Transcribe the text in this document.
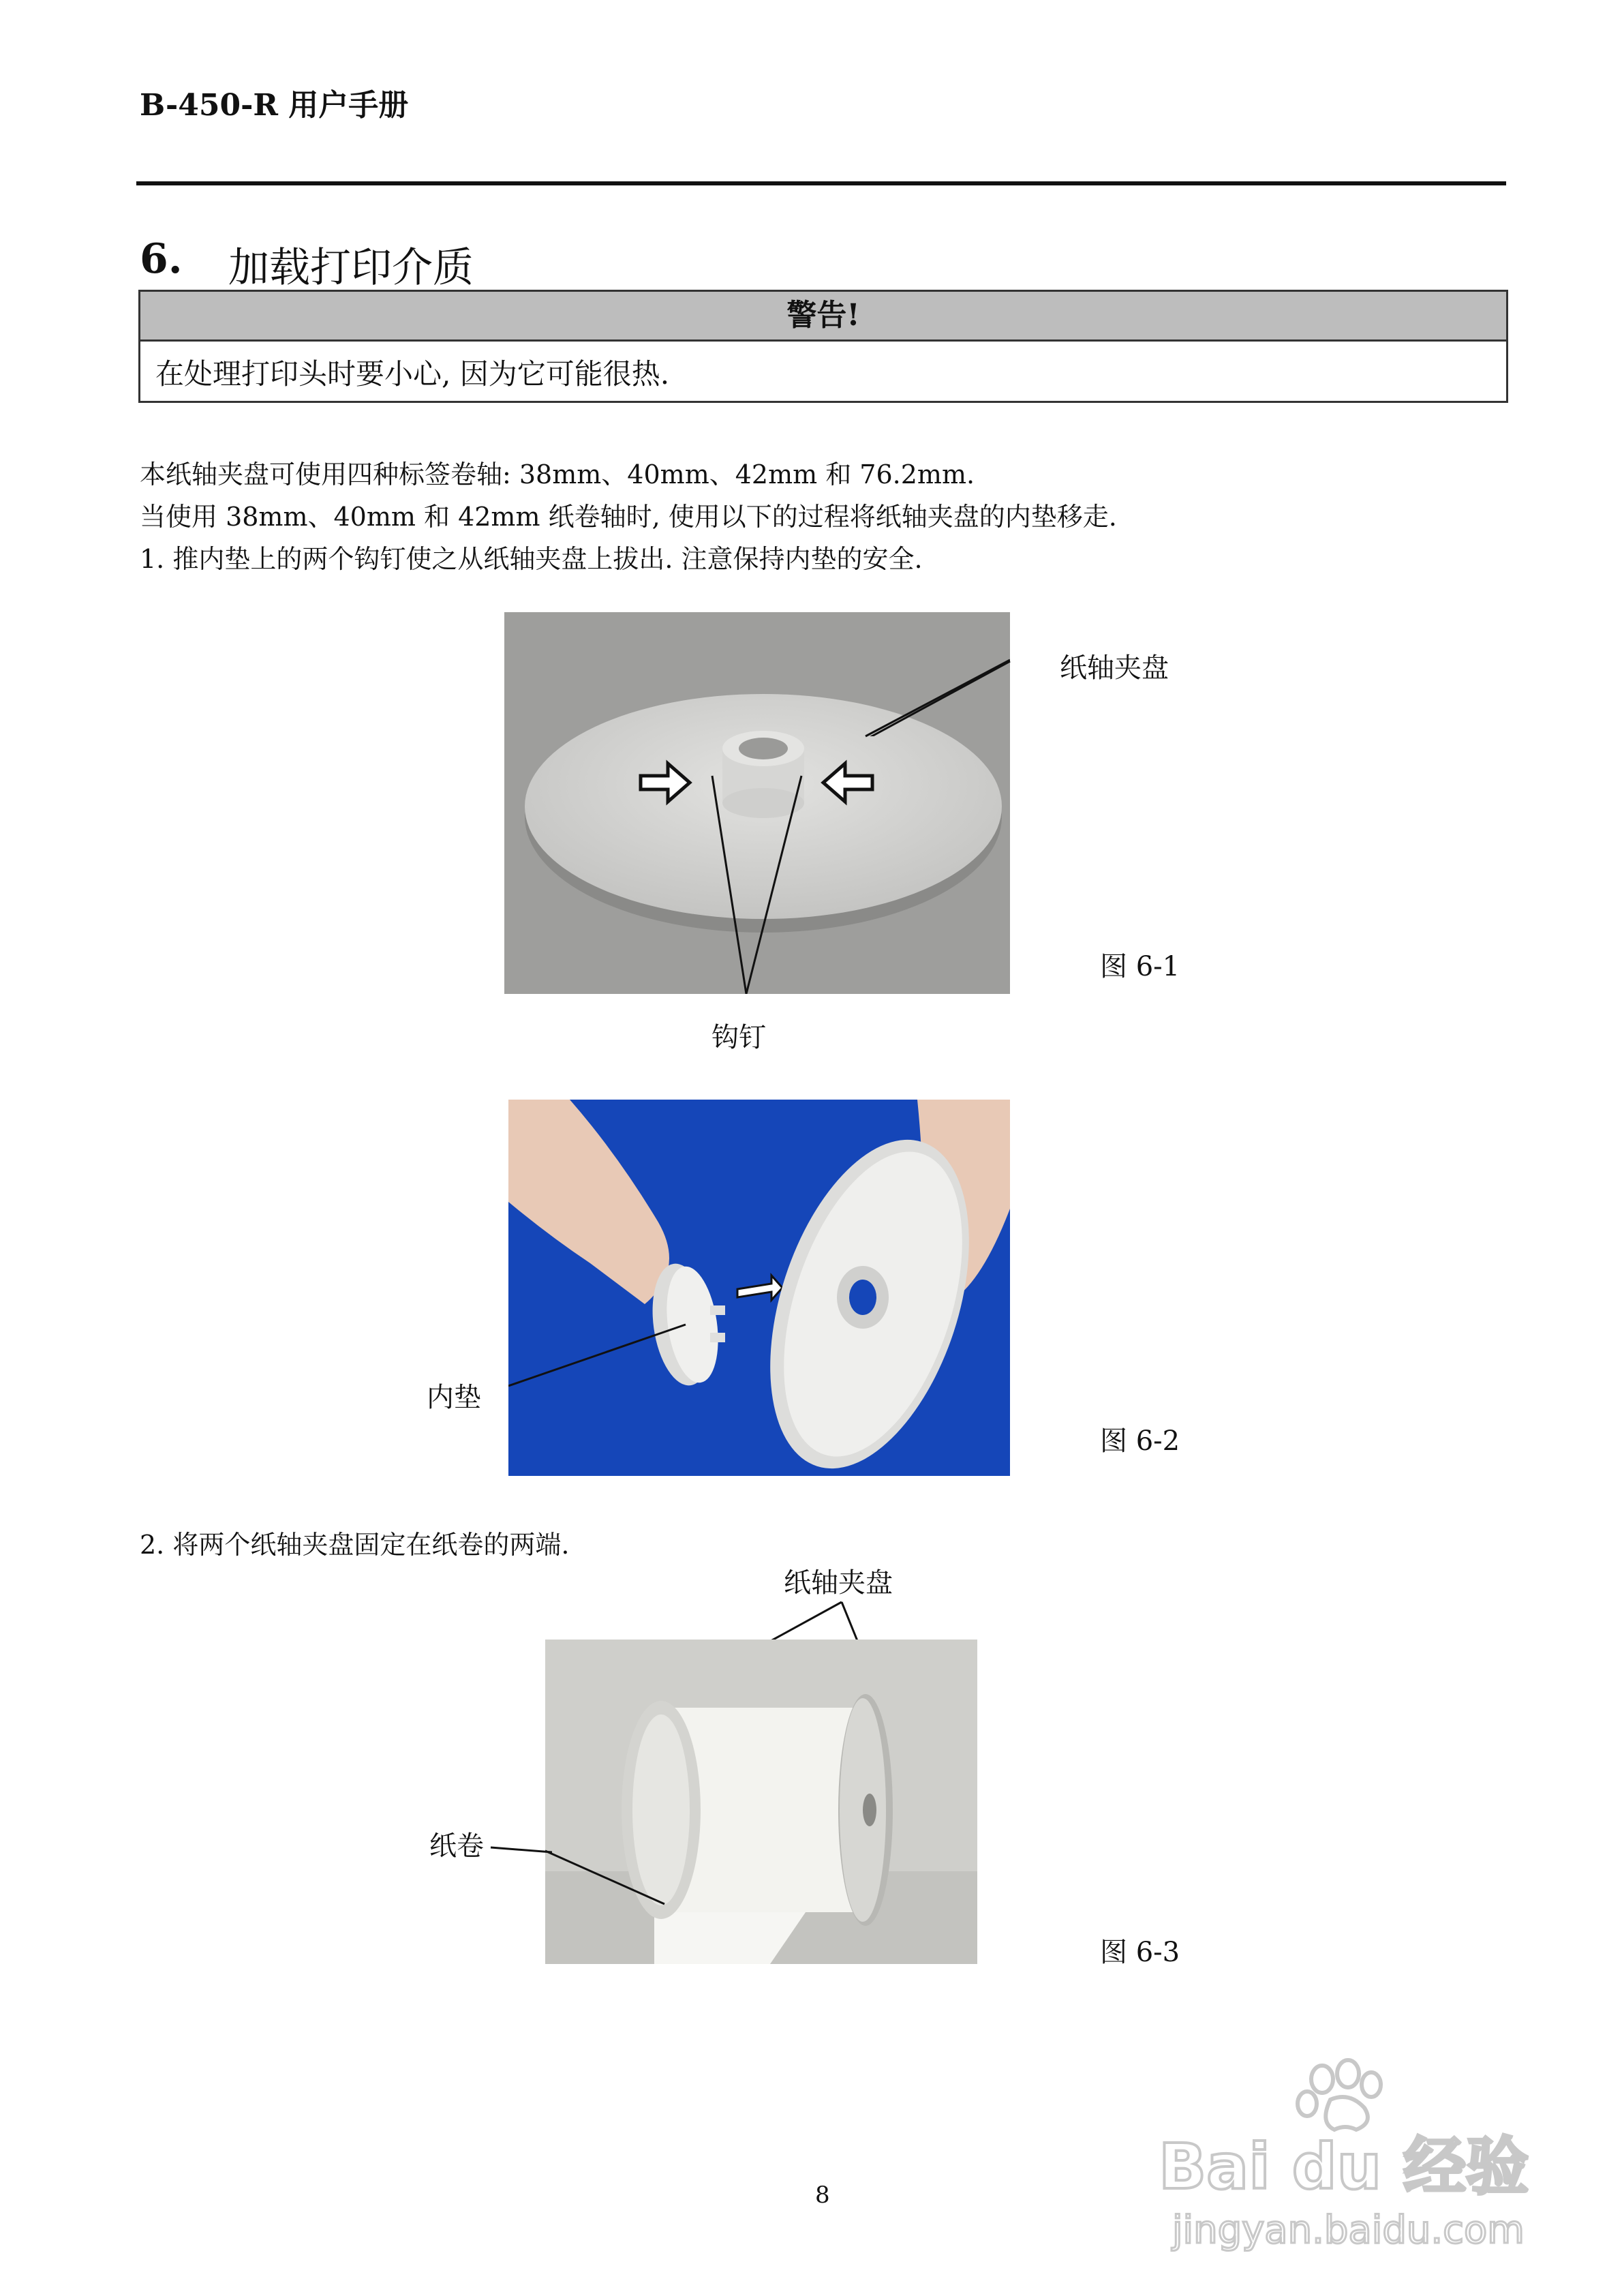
B-450-R 用户手册
6. 加载打印介质
警告!
在处理打印头时要小心, 因为它可能很热.
本纸轴夹盘可使用四种标签卷轴: 38mm、40mm、42mm 和 76.2mm.
当使用 38mm、40mm 和 42mm 纸卷轴时, 使用以下的过程将纸轴夹盘的内垫移走.
1. 推内垫上的两个钩钉使之从纸轴夹盘上拔出. 注意保持内垫的安全.
纸轴夹盘
图 6-1
钩钉
内垫
图 6-2
2. 将两个纸轴夹盘固定在纸卷的两端.
纸轴夹盘
纸卷
图 6-3
Bai du 经验
jingyan.baidu.com
8
